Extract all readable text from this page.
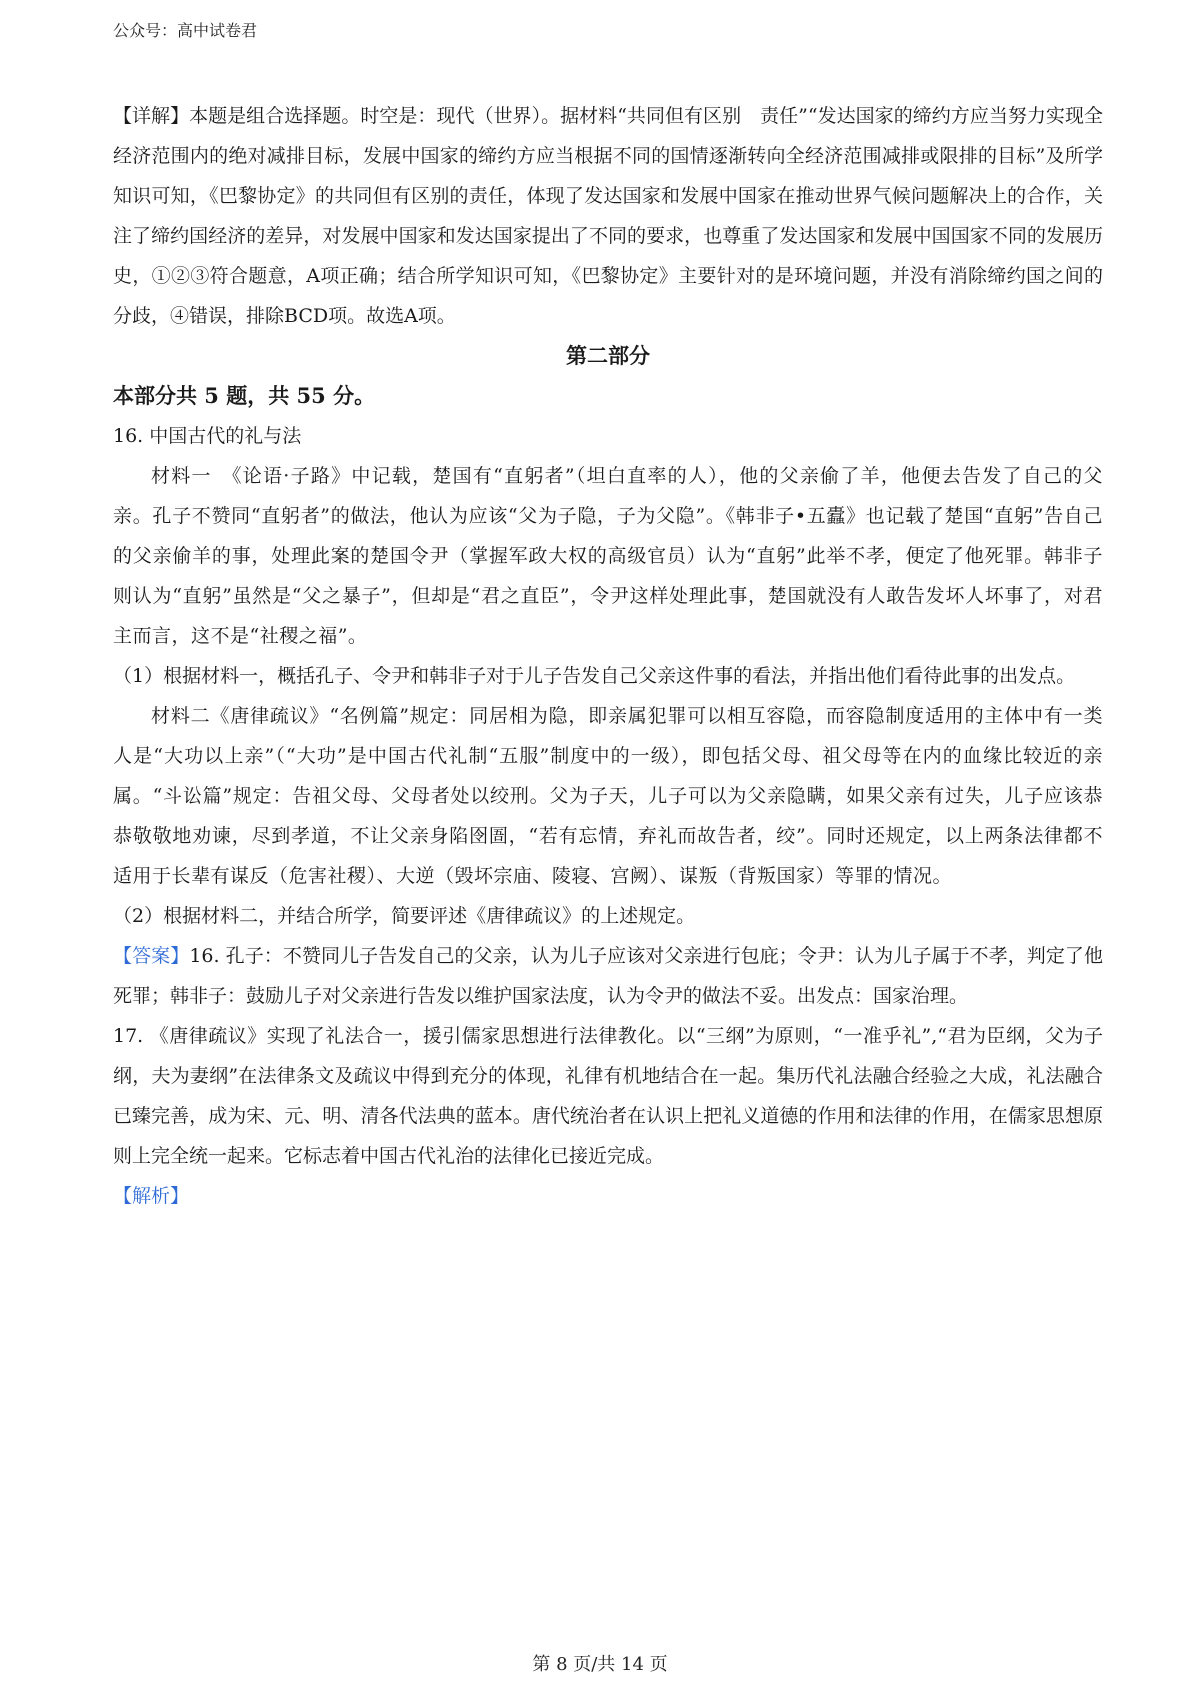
公众号：高中试卷君

【详解】本题是组合选择题。时空是：现代（世界）。据材料“共同但有区别　责任”“发达国家的缔约方应当努力实现全经济范围内的绝对减排目标，发展中国家的缔约方应当根据不同的国情逐渐转向全经济范围减排或限排的目标”及所学知识可知，《巴黎协定》的共同但有区别的责任，体现了发达国家和发展中国家在推动世界气候问题解决上的合作，关注了缔约国经济的差异，对发展中国家和发达国家提出了不同的要求，也尊重了发达国家和发展中国国家不同的发展历史，①②③符合题意，A项正确；结合所学知识可知，《巴黎协定》主要针对的是环境问题，并没有消除缔约国之间的分歧，④错误，排除BCD项。故选A项。

第二部分

本部分共 5 题，共 55 分。

16. 中国古代的礼与法

材料一　《论语·子路》中记载，楚国有“直躬者”（坦白直率的人），他的父亲偷了羊，他便去告发了自己的父亲。孔子不赞同“直躬者”的做法，他认为应该“父为子隐，子为父隐”。《韩非子•五蠹》也记载了楚国“直躬”告自己的父亲偷羊的事，处理此案的楚国令尹（掌握军政大权的高级官员）认为“直躬”此举不孝，便定了他死罪。韩非子则认为“直躬”虽然是“父之暴子”，但却是“君之直臣”，令尹这样处理此事，楚国就没有人敢告发坏人坏事了，对君主而言，这不是“社稷之福”。

（1）根据材料一，概括孔子、令尹和韩非子对于儿子告发自己父亲这件事的看法，并指出他们看待此事的出发点。

材料二《唐律疏议》“名例篇”规定：同居相为隐，即亲属犯罪可以相互容隐，而容隐制度适用的主体中有一类人是“大功以上亲”（“大功”是中国古代礼制“五服”制度中的一级），即包括父母、祖父母等在内的血缘比较近的亲属。“斗讼篇”规定：告祖父母、父母者处以绞刑。父为子天，儿子可以为父亲隐瞒，如果父亲有过失，儿子应该恭恭敬敬地劝谏，尽到孝道，不让父亲身陷囹圄，“若有忘情，弃礼而故告者，绞”。同时还规定，以上两条法律都不适用于长辈有谋反（危害社稷）、大逆（毁坏宗庙、陵寝、宫阙）、谋叛（背叛国家）等罪的情况。

（2）根据材料二，并结合所学，简要评述《唐律疏议》的上述规定。

【答案】16. 孔子：不赞同儿子告发自己的父亲，认为儿子应该对父亲进行包庇；令尹：认为儿子属于不孝，判定了他死罪；韩非子：鼓励儿子对父亲进行告发以维护国家法度，认为令尹的做法不妥。出发点：国家治理。

17. 《唐律疏议》实现了礼法合一，援引儒家思想进行法律教化。以“三纲”为原则，“一准乎礼”,“君为臣纲，父为子纲，夫为妻纲”在法律条文及疏议中得到充分的体现，礼律有机地结合在一起。集历代礼法融合经验之大成，礼法融合已臻完善，成为宋、元、明、清各代法典的蓝本。唐代统治者在认识上把礼义道德的作用和法律的作用，在儒家思想原则上完全统一起来。它标志着中国古代礼治的法律化已接近完成。

【解析】

第 8 页/共 14 页
